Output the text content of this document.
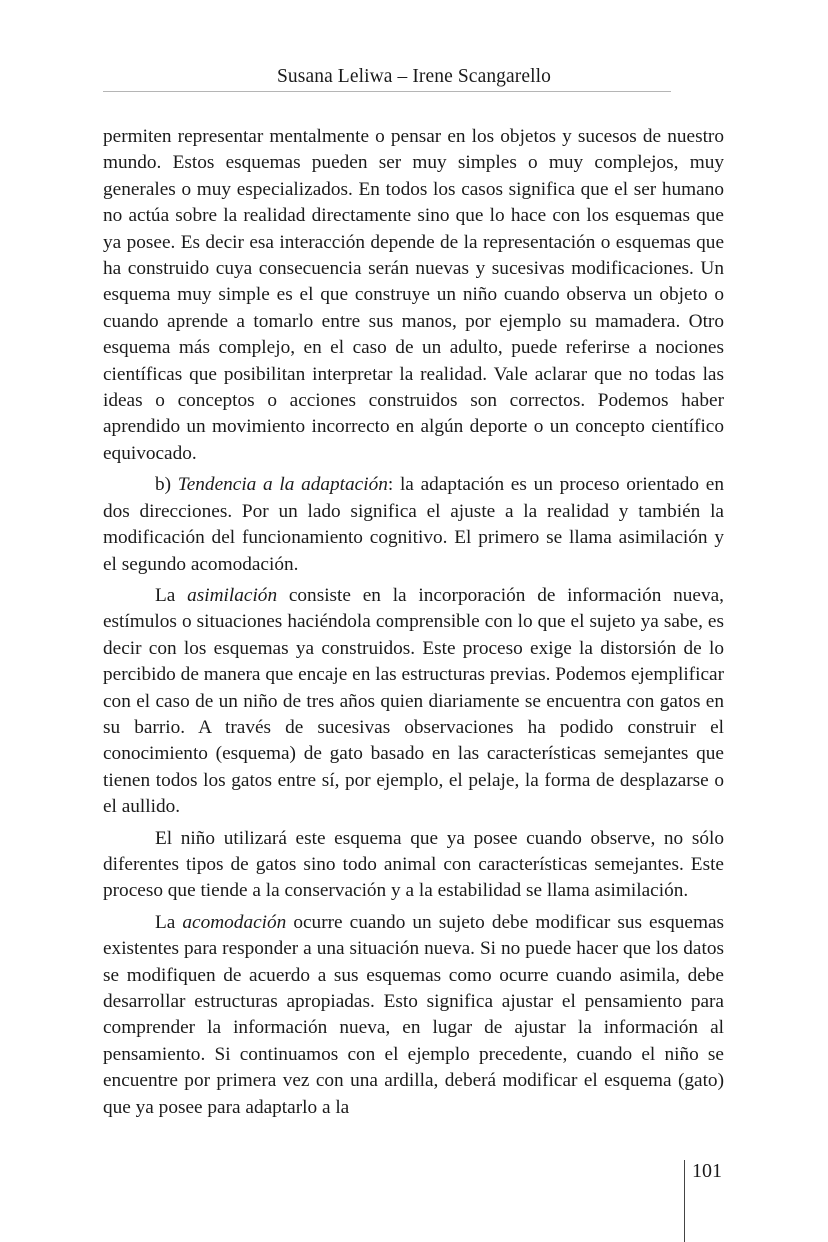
Susana Leliwa – Irene Scangarello

permiten representar mentalmente o pensar en los objetos y sucesos de nuestro mundo. Estos esquemas pueden ser muy simples o muy complejos, muy generales o muy especializados. En todos los casos significa que el ser humano no actúa sobre la realidad directamente sino que lo hace con los esquemas que ya posee. Es decir esa interacción depende de la representación o esquemas que ha construido cuya consecuencia serán nuevas y sucesivas modificaciones. Un esquema muy simple es el que construye un niño cuando observa un objeto o cuando aprende a tomarlo entre sus manos, por ejemplo su mamadera. Otro esquema más complejo, en el caso de un adulto, puede referirse a nociones científicas que posibilitan interpretar la realidad. Vale aclarar que no todas las ideas o conceptos o acciones construidos son correctos. Podemos haber aprendido un movimiento incorrecto en algún deporte o un concepto científico equivocado.

b) Tendencia a la adaptación: la adaptación es un proceso orientado en dos direcciones. Por un lado significa el ajuste a la realidad y también la modificación del funcionamiento cognitivo. El primero se llama asimilación y el segundo acomodación.

La asimilación consiste en la incorporación de información nueva, estímulos o situaciones haciéndola comprensible con lo que el sujeto ya sabe, es decir con los esquemas ya construidos. Este proceso exige la distorsión de lo percibido de manera que encaje en las estructuras previas. Podemos ejemplificar con el caso de un niño de tres años quien diariamente se encuentra con gatos en su barrio. A través de sucesivas observaciones ha podido construir el conocimiento (esquema) de gato basado en las características semejantes que tienen todos los gatos entre sí, por ejemplo, el pelaje, la forma de desplazarse o el aullido.

El niño utilizará este esquema que ya posee cuando observe, no sólo diferentes tipos de gatos sino todo animal con características semejantes. Este proceso que tiende a la conservación y a la estabilidad se llama asimilación.

La acomodación ocurre cuando un sujeto debe modificar sus esquemas existentes para responder a una situación nueva. Si no puede hacer que los datos se modifiquen de acuerdo a sus esquemas como ocurre cuando asimila, debe desarrollar estructuras apropiadas. Esto significa ajustar el pensamiento para comprender la información nueva, en lugar de ajustar la información al pensamiento. Si continuamos con el ejemplo precedente, cuando el niño se encuentre por primera vez con una ardilla, deberá modificar el esquema (gato) que ya posee para adaptarlo a la

101
